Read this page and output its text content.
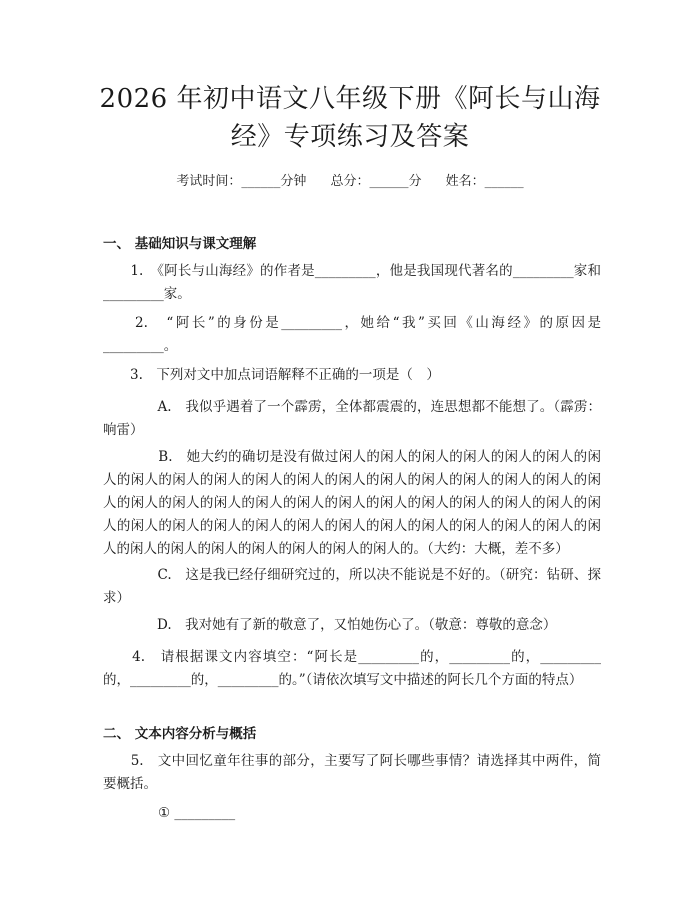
2026 年初中语文八年级下册《阿长与山海
经》专项练习及答案
考试时间：______分钟 总分：______分 姓名：______
一、 基础知识与课文理解
　　1.　《阿长与山海经》的作者是_________，他是我国现代著名的_________家和_________家。
　　2.　“阿长”的身份是_________，她给“我”买回《山海经》的原因是_________。
　　3.　下列对文中加点词语解释不正确的一项是（　）
　　　　A.　我似乎遇着了一个霹雳，全体都震震的，连思想都不能想了。（霹雳：响雷）
　　　　B.　她大约的确切是没有做过闲人的闲人的闲人的闲人的闲人的闲人的闲人的闲人的闲人的闲人的闲人的闲人的闲人的闲人的闲人的闲人的闲人的闲人的闲人的闲人的闲人的闲人的闲人的闲人的闲人的闲人的闲人的闲人的闲人的闲人的闲人的闲人的闲人的闲人的闲人的闲人的闲人的闲人的闲人的闲人的闲人的闲人的闲人的闲人的闲人的闲人的闲人的闲人的闲人的闲人的。（大约：大概，差不多）
　　　　C.　这是我已经仔细研究过的，所以决不能说是不好的。（研究：钻研、探求）
　　　　D.　我对她有了新的敬意了，又怕她伤心了。（敬意：尊敬的意念）
　　4.　请根据课文内容填空：“阿长是_________的，_________的，_________的，_________的，_________的。”（请依次填写文中描述的阿长几个方面的特点）
二、 文本内容分析与概括
　　5.　文中回忆童年往事的部分，主要写了阿长哪些事情？请选择其中两件，简要概括。
① _________
